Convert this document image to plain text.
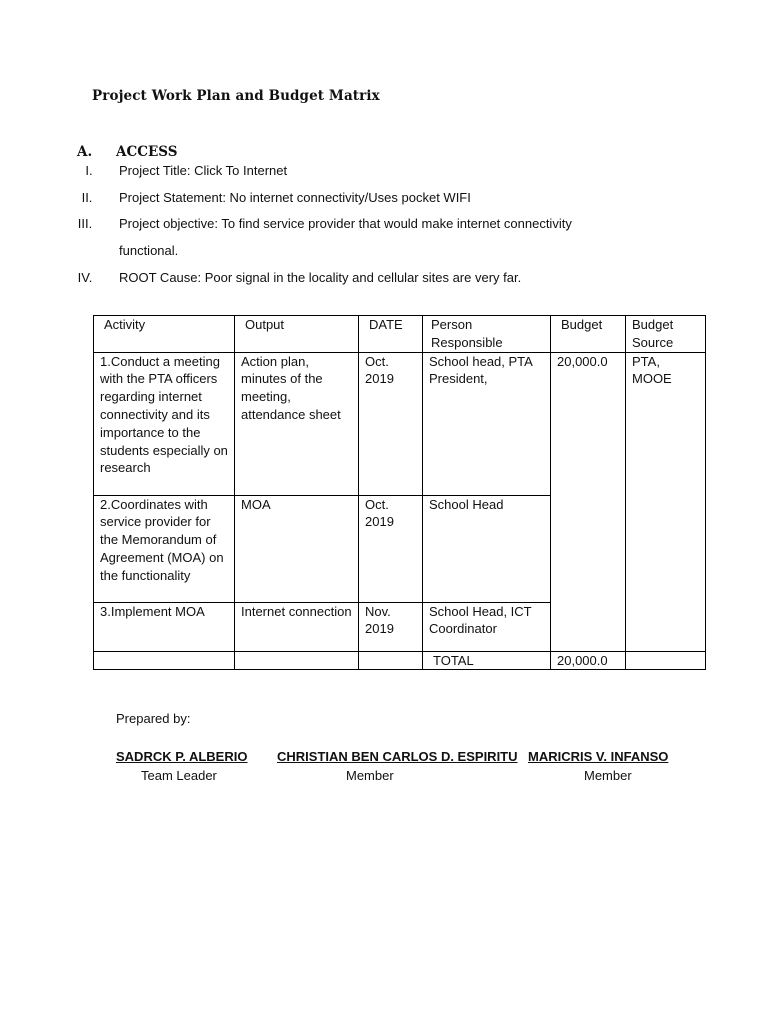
Project Work Plan and Budget Matrix
A. ACCESS
I.	Project Title: Click To Internet
II.	Project Statement: No internet connectivity/Uses pocket WIFI
III.	Project objective: To find service provider that would make internet connectivity
functional.
IV.	ROOT Cause: Poor signal in the locality and cellular sites are very far.
Activity	Output	DATE	Person Responsible	Budget	Budget Source
1.Conduct a meeting with the PTA officers regarding internet connectivity and its importance to the students especially on research	Action plan, minutes of the meeting, attendance sheet	Oct. 2019	School head, PTA President,	20,000.0	PTA, MOOE
2.Coordinates with service provider for the Memorandum of Agreement (MOA) on the functionality	MOA	Oct. 2019	School Head		
3.Implement MOA	Internet connection	Nov. 2019	School Head, ICT Coordinator		
			TOTAL	20,000.0	
Prepared by:
SADRCK P. ALBERIO
Team Leader
CHRISTIAN BEN CARLOS D. ESPIRITU
Member
MARICRIS V. INFANSO
Member
